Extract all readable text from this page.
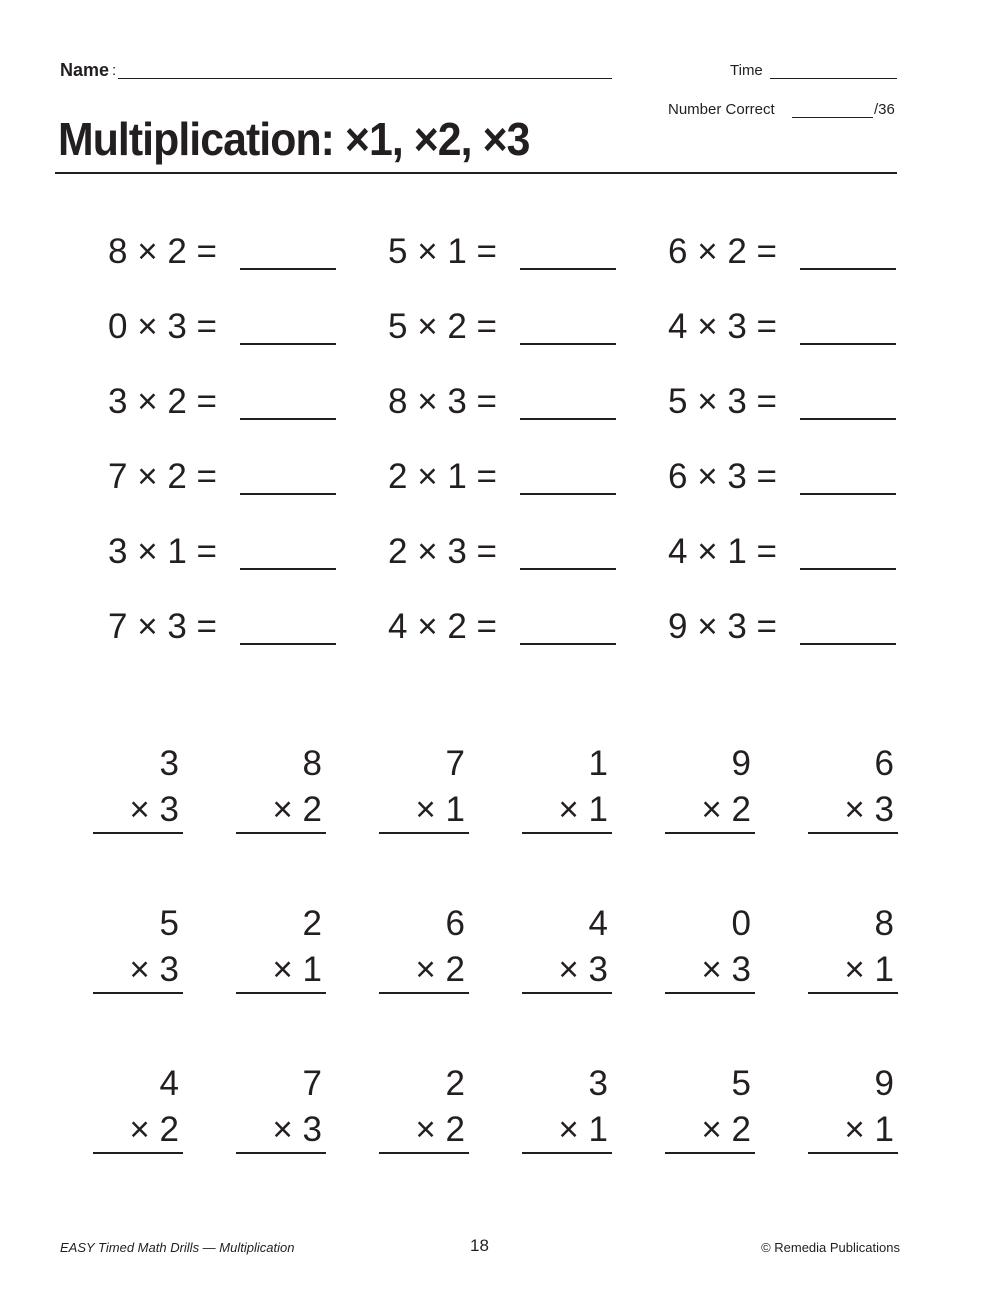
Name :	Time
Number Correct	/36
Multiplication: ×1, ×2, ×3
8 × 2 =	5 × 1 =	6 × 2 =
0 × 3 =	5 × 2 =	4 × 3 =
3 × 2 =	8 × 3 =	5 × 3 =
7 × 2 =	2 × 1 =	6 × 3 =
3 × 1 =	2 × 3 =	4 × 1 =
7 × 3 =	4 × 2 =	9 × 3 =
3
× 3
8
× 2
7
× 1
1
× 1
9
× 2
6
× 3
5
× 3
2
× 1
6
× 2
4
× 3
0
× 3
8
× 1
4
× 2
7
× 3
2
× 2
3
× 1
5
× 2
9
× 1
EASY Timed Math Drills — Multiplication	18	© Remedia Publications
